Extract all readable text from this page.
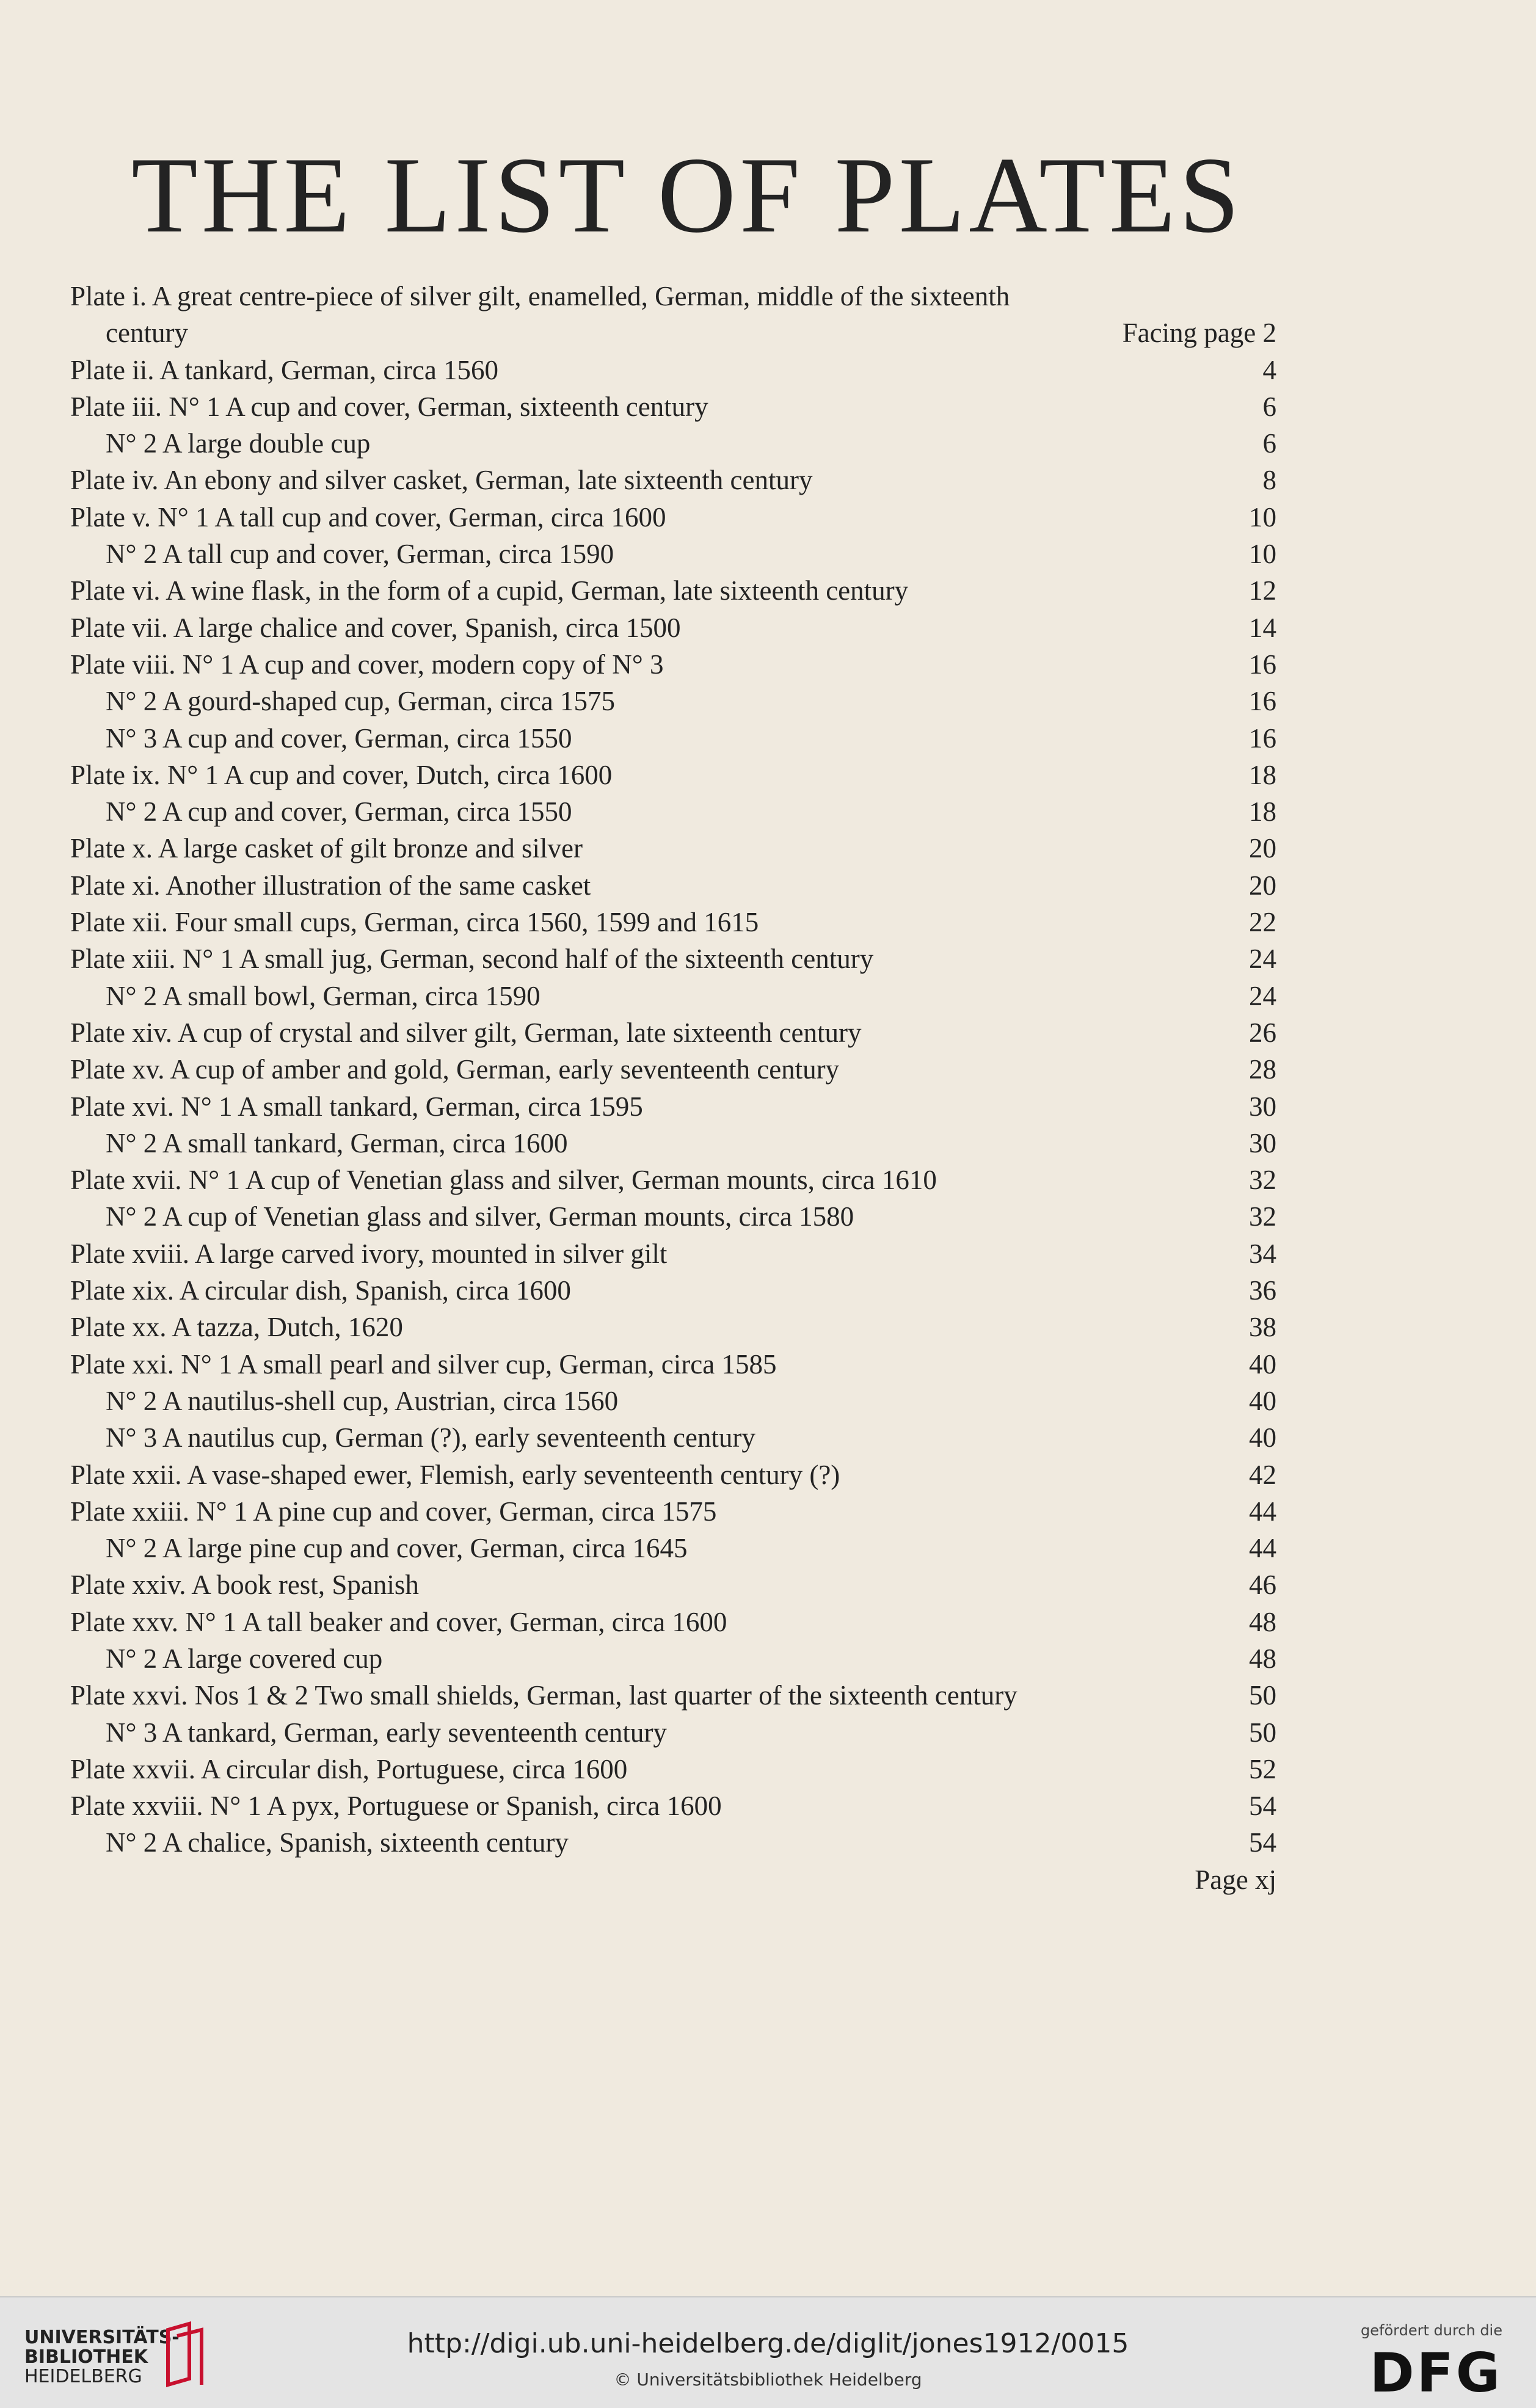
THE LIST OF PLATES
Plate i. A great centre-piece of silver gilt, enamelled, German, middle of the sixteenth
century	Facing page 2
Plate ii. A tankard, German, circa 1560	4
Plate iii. N° 1 A cup and cover, German, sixteenth century	6
N° 2 A large double cup	6
Plate iv. An ebony and silver casket, German, late sixteenth century	8
Plate v. N° 1 A tall cup and cover, German, circa 1600	10
N° 2 A tall cup and cover, German, circa 1590	10
Plate vi. A wine flask, in the form of a cupid, German, late sixteenth century	12
Plate vii. A large chalice and cover, Spanish, circa 1500	14
Plate viii. N° 1 A cup and cover, modern copy of N° 3	16
N° 2 A gourd-shaped cup, German, circa 1575	16
N° 3 A cup and cover, German, circa 1550	16
Plate ix. N° 1 A cup and cover, Dutch, circa 1600	18
N° 2 A cup and cover, German, circa 1550	18
Plate x. A large casket of gilt bronze and silver	20
Plate xi. Another illustration of the same casket	20
Plate xii. Four small cups, German, circa 1560, 1599 and 1615	22
Plate xiii. N° 1 A small jug, German, second half of the sixteenth century	24
N° 2 A small bowl, German, circa 1590	24
Plate xiv. A cup of crystal and silver gilt, German, late sixteenth century	26
Plate xv. A cup of amber and gold, German, early seventeenth century	28
Plate xvi. N° 1 A small tankard, German, circa 1595	30
N° 2 A small tankard, German, circa 1600	30
Plate xvii. N° 1 A cup of Venetian glass and silver, German mounts, circa 1610	32
N° 2 A cup of Venetian glass and silver, German mounts, circa 1580	32
Plate xviii. A large carved ivory, mounted in silver gilt	34
Plate xix. A circular dish, Spanish, circa 1600	36
Plate xx. A tazza, Dutch, 1620	38
Plate xxi. N° 1 A small pearl and silver cup, German, circa 1585	40
N° 2 A nautilus-shell cup, Austrian, circa 1560	40
N° 3 A nautilus cup, German (?), early seventeenth century	40
Plate xxii. A vase-shaped ewer, Flemish, early seventeenth century (?)	42
Plate xxiii. N° 1 A pine cup and cover, German, circa 1575	44
N° 2 A large pine cup and cover, German, circa 1645	44
Plate xxiv. A book rest, Spanish	46
Plate xxv. N° 1 A tall beaker and cover, German, circa 1600	48
N° 2 A large covered cup	48
Plate xxvi. Nos 1 & 2 Two small shields, German, last quarter of the sixteenth century	50
N° 3 A tankard, German, early seventeenth century	50
Plate xxvii. A circular dish, Portuguese, circa 1600	52
Plate xxviii. N° 1 A pyx, Portuguese or Spanish, circa 1600	54
N° 2 A chalice, Spanish, sixteenth century	54
Page xj
UNIVERSITÄTS-
BIBLIOTHEK
HEIDELBERG
http://digi.ub.uni-heidelberg.de/diglit/jones1912/0015
© Universitätsbibliothek Heidelberg
gefördert durch die
DFG
